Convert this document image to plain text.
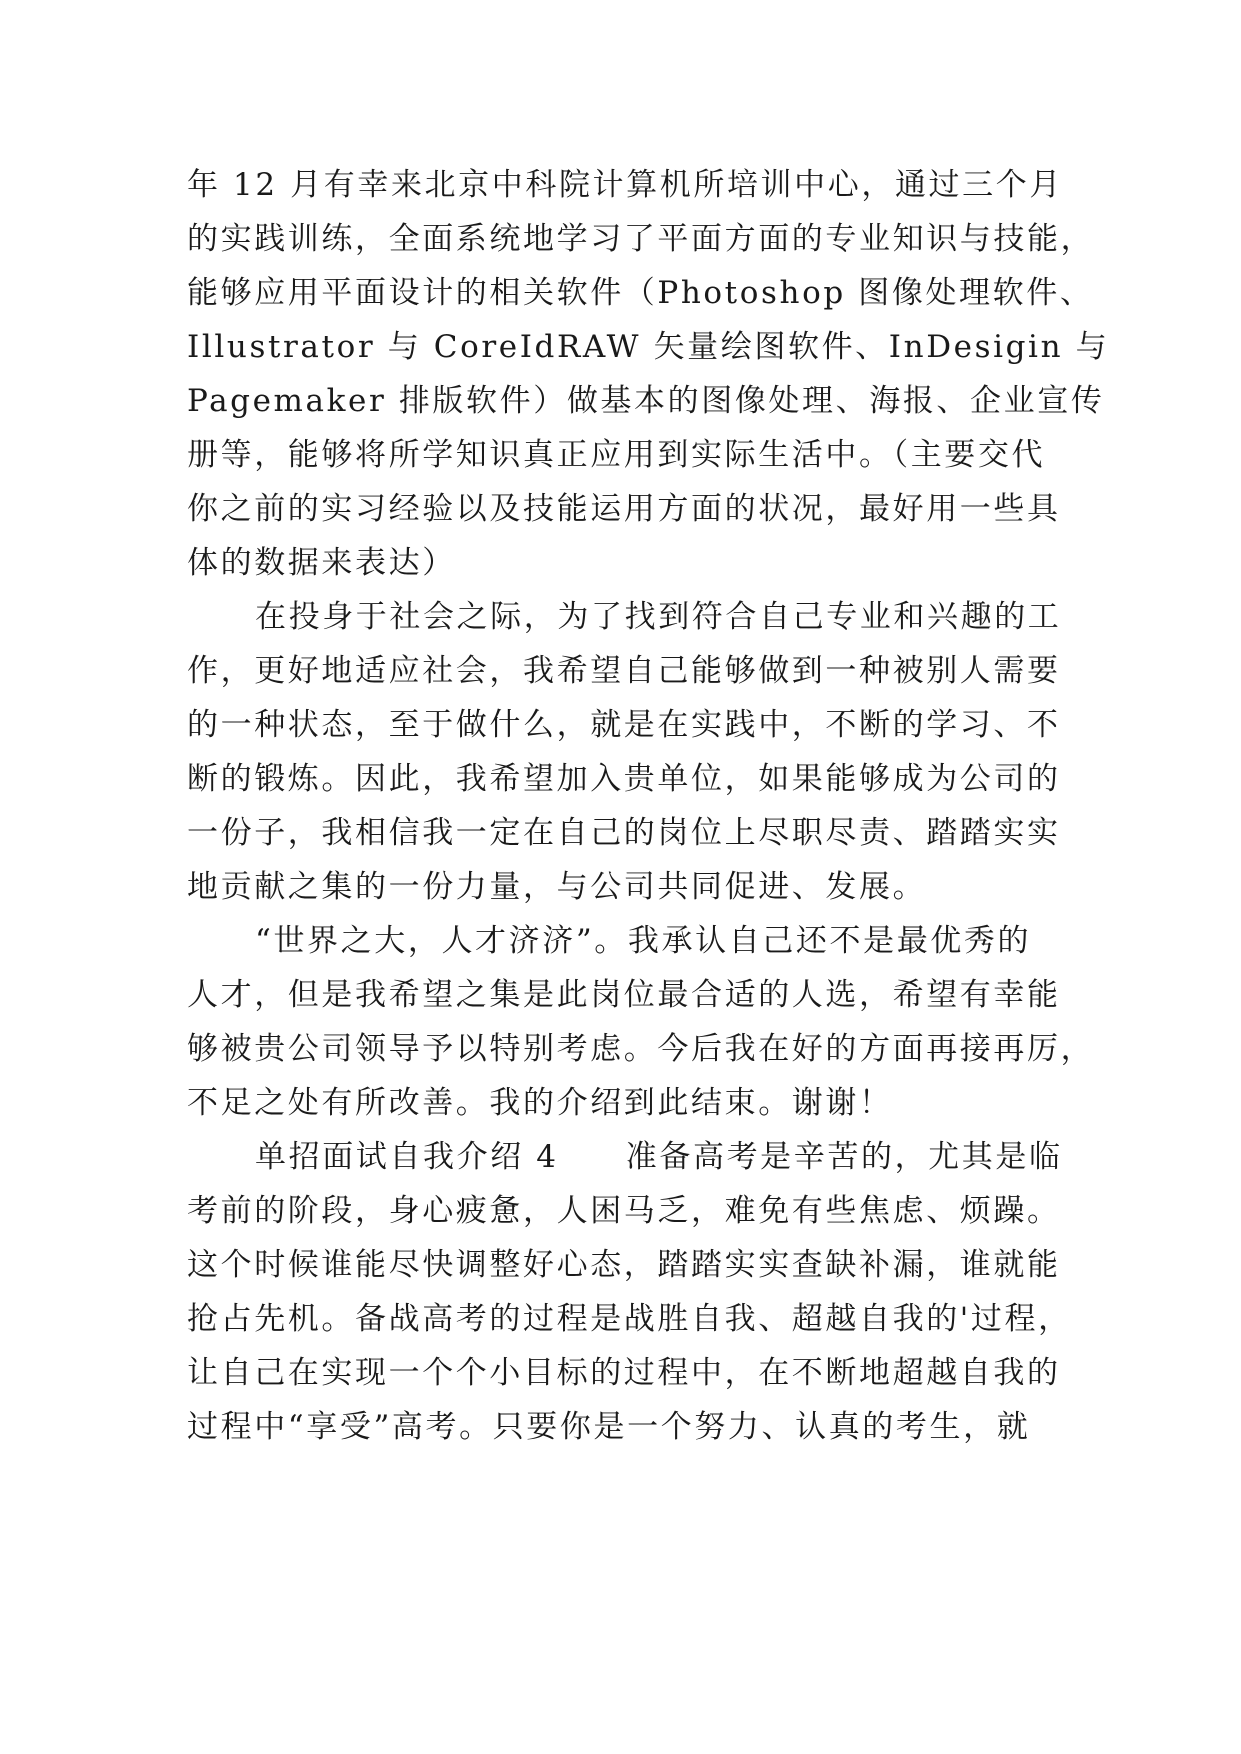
年 12 月有幸来北京中科院计算机所培训中心，通过三个月
的实践训练，全面系统地学习了平面方面的专业知识与技能，
能够应用平面设计的相关软件（Photoshop 图像处理软件、
Illustrator 与 CoreIdRAW 矢量绘图软件、InDesigin 与
Pagemaker 排版软件）做基本的图像处理、海报、企业宣传
册等，能够将所学知识真正应用到实际生活中。（主要交代
你之前的实习经验以及技能运用方面的状况，最好用一些具
体的数据来表达）
在投身于社会之际，为了找到符合自己专业和兴趣的工
作，更好地适应社会，我希望自己能够做到一种被别人需要
的一种状态，至于做什么，就是在实践中，不断的学习、不
断的锻炼。因此，我希望加入贵单位，如果能够成为公司的
一份子，我相信我一定在自己的岗位上尽职尽责、踏踏实实
地贡献之集的一份力量，与公司共同促进、发展。
“世界之大，人才济济”。我承认自己还不是最优秀的
人才，但是我希望之集是此岗位最合适的人选，希望有幸能
够被贵公司领导予以特别考虑。今后我在好的方面再接再厉，
不足之处有所改善。我的介绍到此结束。谢谢！
单招面试自我介绍 4　　准备高考是辛苦的，尤其是临
考前的阶段，身心疲惫，人困马乏，难免有些焦虑、烦躁。
这个时候谁能尽快调整好心态，踏踏实实查缺补漏，谁就能
抢占先机。备战高考的过程是战胜自我、超越自我的'过程，
让自己在实现一个个小目标的过程中，在不断地超越自我的
过程中“享受”高考。只要你是一个努力、认真的考生，就
